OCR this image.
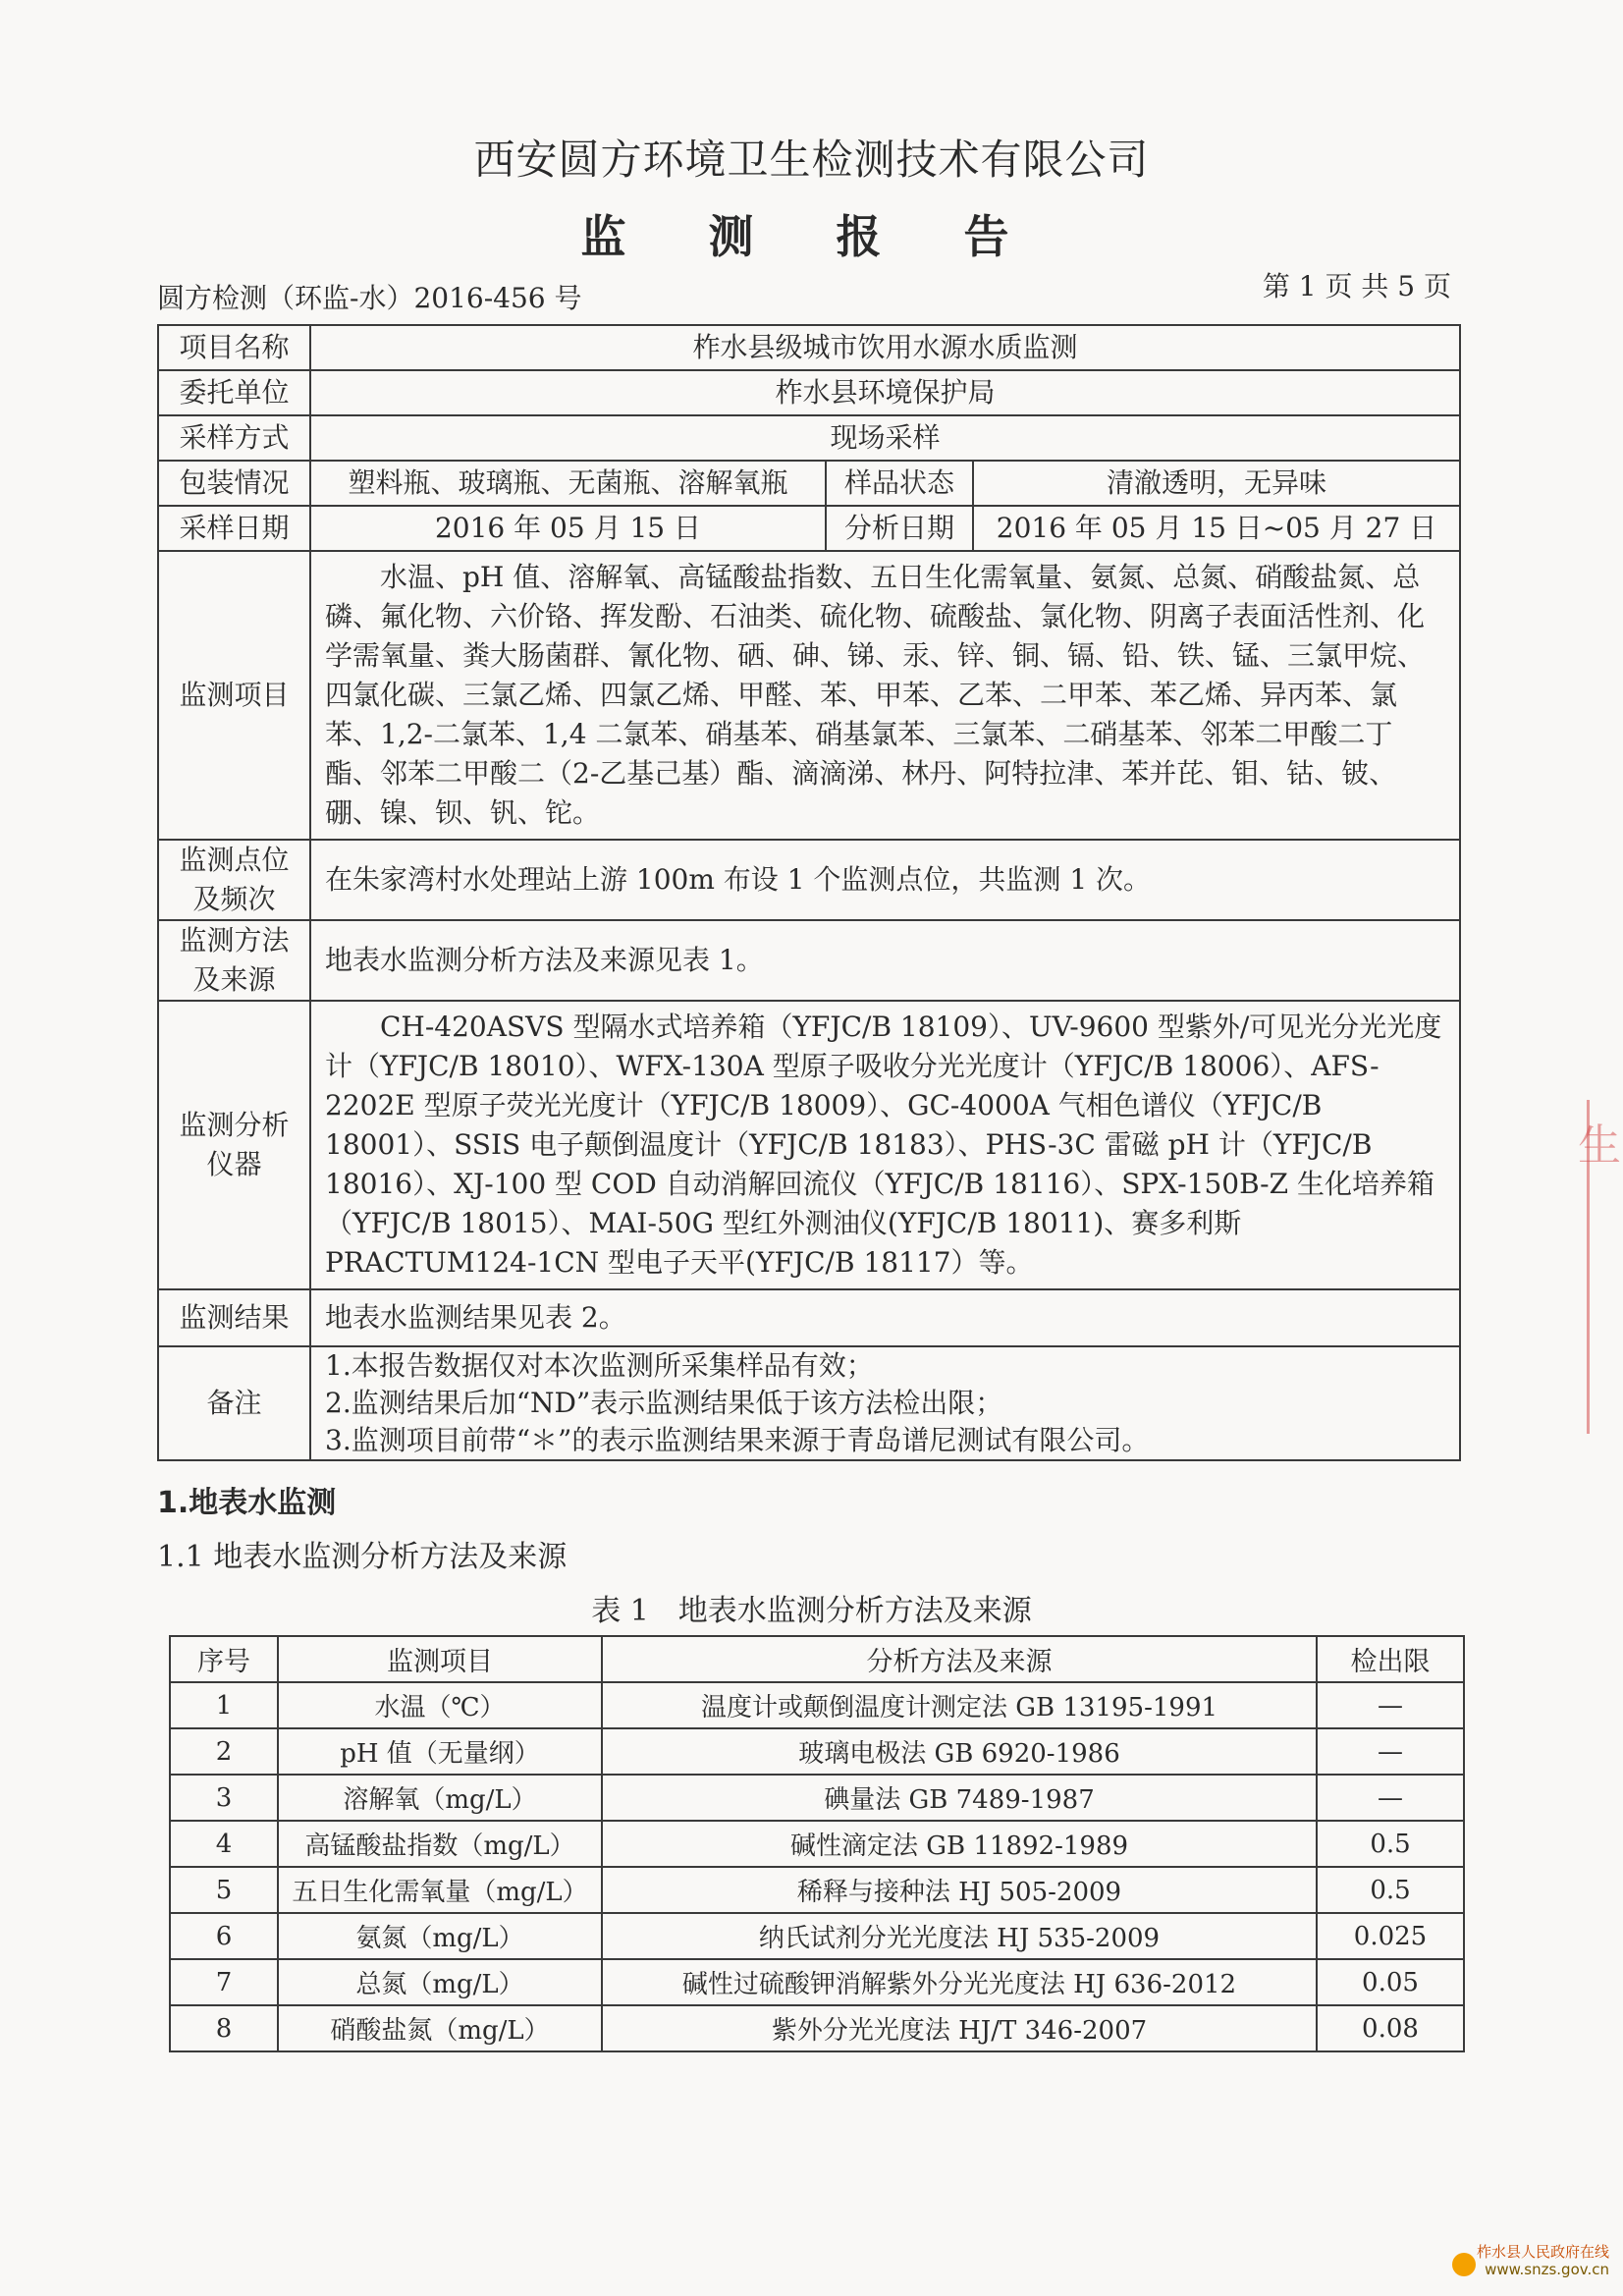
西安圆方环境卫生检测技术有限公司
监 测 报 告
圆方检测（环监-水）2016-456 号	第 1 页 共 5 页
项目名称	柞水县级城市饮用水源水质监测		
委托单位	柞水县环境保护局		
采样方式	现场采样		
包装情况	塑料瓶、玻璃瓶、无菌瓶、溶解氧瓶	样品状态	清澈透明，无异味
采样日期	2016 年 05 月 15 日	分析日期	2016 年 05 月 15 日~05 月 27 日
监测项目	水温、pH 值、溶解氧、高锰酸盐指数、五日生化需氧量、氨氮、总氮、硝酸盐氮、总磷、氟化物、六价铬、挥发酚、石油类、硫化物、硫酸盐、氯化物、阴离子表面活性剂、化学需氧量、粪大肠菌群、氰化物、硒、砷、锑、汞、锌、铜、镉、铅、铁、锰、三氯甲烷、四氯化碳、三氯乙烯、四氯乙烯、甲醛、苯、甲苯、乙苯、二甲苯、苯乙烯、异丙苯、氯苯、1,2-二氯苯、1,4 二氯苯、硝基苯、硝基氯苯、三氯苯、二硝基苯、邻苯二甲酸二丁酯、邻苯二甲酸二（2-乙基己基）酯、滴滴涕、林丹、阿特拉津、苯并芘、钼、钴、铍、硼、镍、钡、钒、铊。		

监测点位
及频次	在朱家湾村水处理站上游 100m 布设 1 个监测点位，共监测 1 次。		

监测方法
及来源	地表水监测分析方法及来源见表 1。		

监测分析
仪器	CH-420ASVS 型隔水式培养箱（YFJC/B 18109）、UV-9600 型紫外/可见光分光光度计（YFJC/B 18010）、WFX-130A 型原子吸收分光光度计（YFJC/B 18006）、AFS-2202E 型原子荧光光度计（YFJC/B 18009）、GC-4000A 气相色谱仪（YFJC/B 18001）、SSIS 电子颠倒温度计（YFJC/B 18183）、PHS-3C 雷磁 pH 计（YFJC/B 18016）、XJ-100 型 COD 自动消解回流仪（YFJC/B 18116）、SPX-150B-Z 生化培养箱（YFJC/B 18015）、MAI-50G 型红外测油仪(YFJC/B 18011)、赛多利斯 PRACTUM124-1CN 型电子天平(YFJC/B 18117）等。		
监测结果	地表水监测结果见表 2。		
备注	1.本报告数据仅对本次监测所采集样品有效；
2.监测结果后加“ND”表示监测结果低于该方法检出限；
3.监测项目前带“＊”的表示监测结果来源于青岛谱尼测试有限公司。		
1.地表水监测
1.1 地表水监测分析方法及来源
表 1　地表水监测分析方法及来源
序号	监测项目	分析方法及来源	检出限
1	水温（℃）	温度计或颠倒温度计测定法 GB 13195-1991	—
2	pH 值（无量纲）	玻璃电极法 GB 6920-1986	—
3	溶解氧（mg/L）	碘量法 GB 7489-1987	—
4	高锰酸盐指数（mg/L）	碱性滴定法 GB 11892-1989	0.5
5	五日生化需氧量（mg/L）	稀释与接种法 HJ 505-2009	0.5
6	氨氮（mg/L）	纳氏试剂分光光度法 HJ 535-2009	0.025
7	总氮（mg/L）	碱性过硫酸钾消解紫外分光光度法 HJ 636-2012	0.05
8	硝酸盐氮（mg/L）	紫外分光光度法 HJ/T 346-2007	0.08
生
柞水县人民政府在线
www.snzs.gov.cn
